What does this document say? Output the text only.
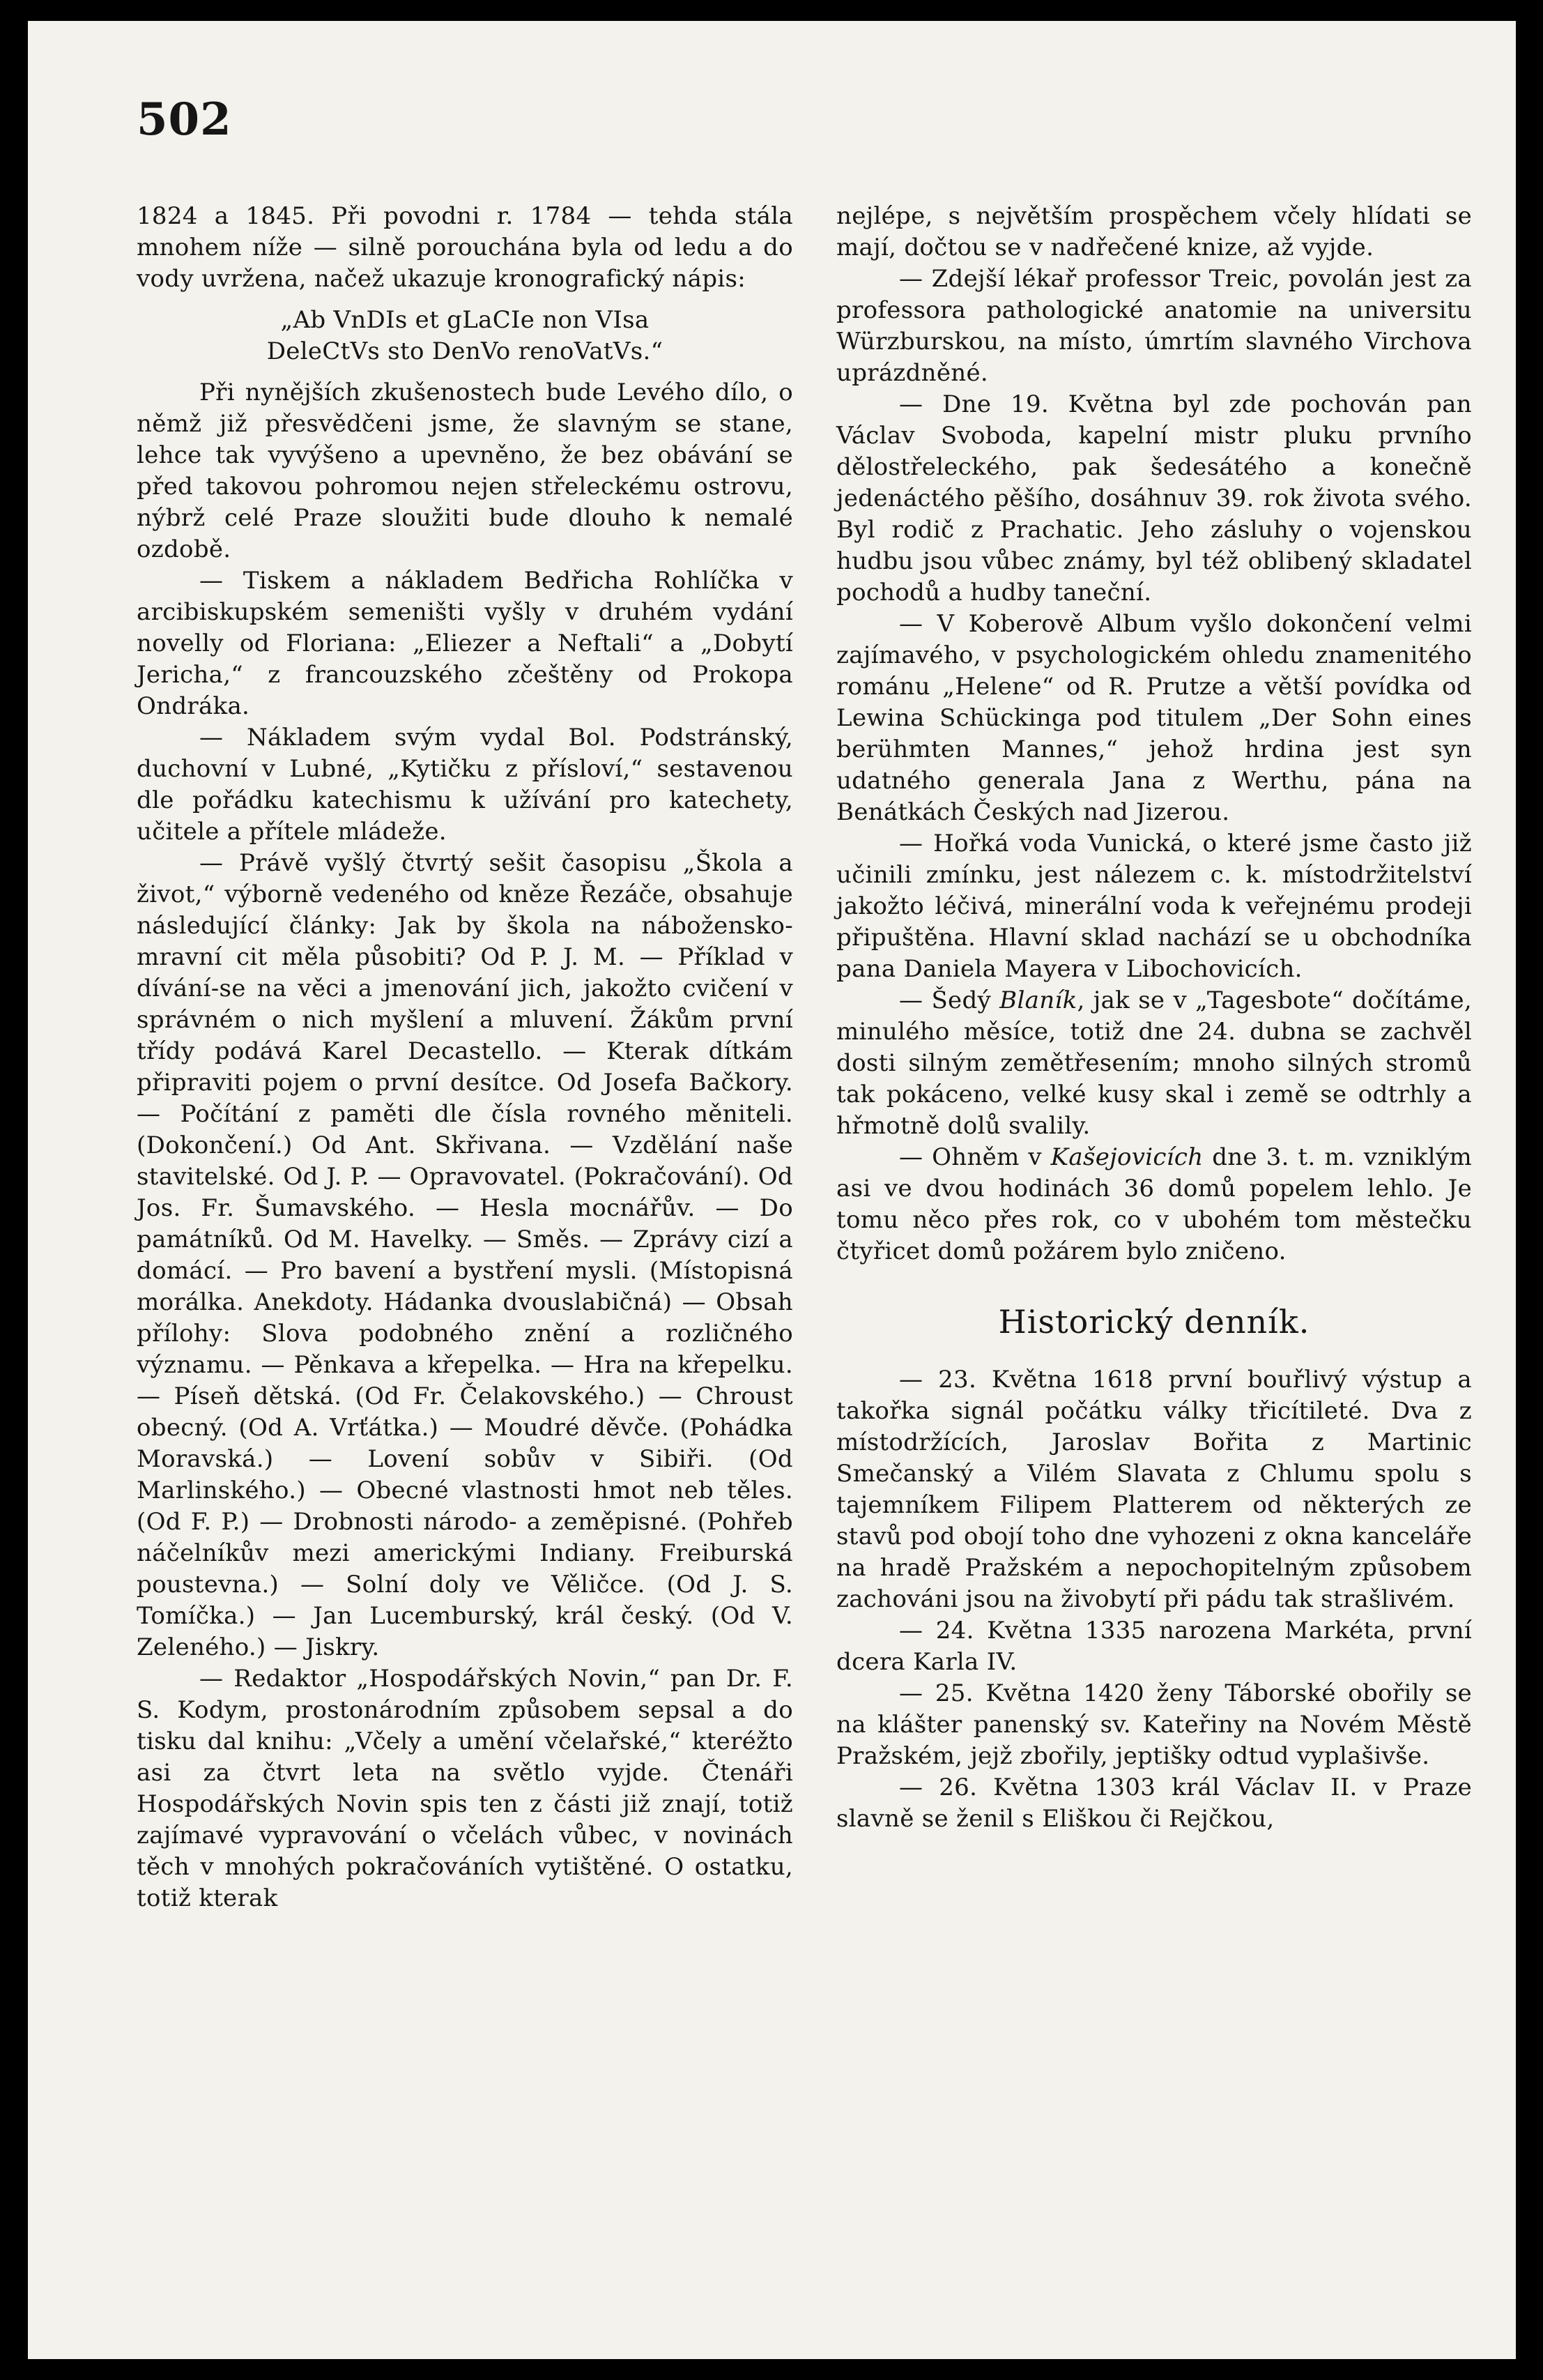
502

1824 a 1845. Při povodni r. 1784 — tehda stála mnohem níže — silně porouchána byla od ledu a do vody uvržena, načež ukazuje kronografický nápis:

„Ab VnDIs et gLaCIe non VIsa
DeleCtVs sto DenVo renoVatVs.“

Při nynějších zkušenostech bude Levého dílo, o němž již přesvědčeni jsme, že slavným se stane, lehce tak vyvýšeno a upevněno, že bez obávání se před takovou pohromou nejen střeleckému ostrovu, nýbrž celé Praze sloužiti bude dlouho k nemalé ozdobě.

— Tiskem a nákladem Bedřicha Rohlíčka v arcibiskupském semeništi vyšly v druhém vydání novelly od Floriana: „Eliezer a Neftali“ a „Dobytí Jericha,“ z francouzského zčeštěny od Prokopa Ondráka.

— Nákladem svým vydal Bol. Podstránský, duchovní v Lubné, „Kytičku z přísloví,“ sestavenou dle pořádku katechismu k užívání pro katechety, učitele a přítele mládeže.

— Právě vyšlý čtvrtý sešit časopisu „Škola a život,“ výborně vedeného od kněze Řezáče, obsahuje následující články: Jak by škola na nábožensko-mravní cit měla působiti? Od P. J. M. — Příklad v dívání-se na věci a jmenování jich, jakožto cvičení v správném o nich myšlení a mluvení. Žákům první třídy podává Karel Decastello. — Kterak dítkám připraviti pojem o první desítce. Od Josefa Bačkory. — Počítání z paměti dle čísla rovného měniteli. (Dokončení.) Od Ant. Skřivana. — Vzdělání naše stavitelské. Od J. P. — Opravovatel. (Pokračování). Od Jos. Fr. Šumavského. — Hesla mocnářův. — Do památníků. Od M. Havelky. — Směs. — Zprávy cizí a domácí. — Pro bavení a bystření mysli. (Místopisná morálka. Anekdoty. Hádanka dvouslabičná) — Obsah přílohy: Slova podobného znění a rozličného významu. — Pěnkava a křepelka. — Hra na křepelku. — Píseň dětská. (Od Fr. Čelakovského.) — Chroust obecný. (Od A. Vrťátka.) — Moudré děvče. (Pohádka Moravská.) — Lovení sobův v Sibiři. (Od Marlinského.) — Obecné vlastnosti hmot neb těles. (Od F. P.) — Drobnosti národo- a zeměpisné. (Pohřeb náčelníkův mezi americkými Indiany. Freiburská poustevna.) — Solní doly ve Věličce. (Od J. S. Tomíčka.) — Jan Lucemburský, král český. (Od V. Zeleného.) — Jiskry.

— Redaktor „Hospodářských Novin,“ pan Dr. F. S. Kodym, prostonárodním způsobem sepsal a do tisku dal knihu: „Včely a umění včelařské,“ kteréžto asi za čtvrt leta na světlo vyjde. Čtenáři Hospodářských Novin spis ten z části již znají, totiž zajímavé vypravování o včelách vůbec, v novinách těch v mnohých pokračováních vytištěné. O ostatku, totiž kterak

nejlépe, s největším prospěchem včely hlídati se mají, dočtou se v nadřečené knize, až vyjde.

— Zdejší lékař professor Treic, povolán jest za professora pathologické anatomie na universitu Würzburskou, na místo, úmrtím slavného Virchova uprázdněné.

— Dne 19. Května byl zde pochován pan Václav Svoboda, kapelní mistr pluku prvního dělostřeleckého, pak šedesátého a konečně jedenáctého pěšího, dosáhnuv 39. rok života svého. Byl rodič z Prachatic. Jeho zásluhy o vojenskou hudbu jsou vůbec známy, byl též oblibený skladatel pochodů a hudby taneční.

— V Koberově Album vyšlo dokončení velmi zajímavého, v psychologickém ohledu znamenitého románu „Helene“ od R. Prutze a větší povídka od Lewina Schückinga pod titulem „Der Sohn eines berühmten Mannes,“ jehož hrdina jest syn udatného generala Jana z Werthu, pána na Benátkách Českých nad Jizerou.

— Hořká voda Vunická, o které jsme často již učinili zmínku, jest nálezem c. k. místodržitelství jakožto léčivá, minerální voda k veřejnému prodeji připuštěna. Hlavní sklad nachází se u obchodníka pana Daniela Mayera v Libochovicích.

— Šedý Blaník, jak se v „Tagesbote“ dočítáme, minulého měsíce, totiž dne 24. dubna se zachvěl dosti silným zemětřesením; mnoho silných stromů tak pokáceno, velké kusy skal i země se odtrhly a hřmotně dolů svalily.

— Ohněm v Kašejovicích dne 3. t. m. vzniklým asi ve dvou hodinách 36 domů popelem lehlo. Je tomu něco přes rok, co v ubohém tom městečku čtyřicet domů požárem bylo zničeno.

Historický denník.

— 23. Května 1618 první bouřlivý výstup a takořka signál počátku války třicítileté. Dva z místodržících, Jaroslav Bořita z Martinic Smečanský a Vilém Slavata z Chlumu spolu s tajemníkem Filipem Platterem od některých ze stavů pod obojí toho dne vyhozeni z okna kanceláře na hradě Pražském a nepochopitelným způsobem zachováni jsou na živobytí při pádu tak strašlivém.

— 24. Května 1335 narozena Markéta, první dcera Karla IV.

— 25. Května 1420 ženy Táborské obořily se na klášter panenský sv. Kateřiny na Novém Městě Pražském, jejž zbořily, jeptišky odtud vyplašivše.

— 26. Května 1303 král Václav II. v Praze slavně se ženil s Eliškou či Rejčkou,
